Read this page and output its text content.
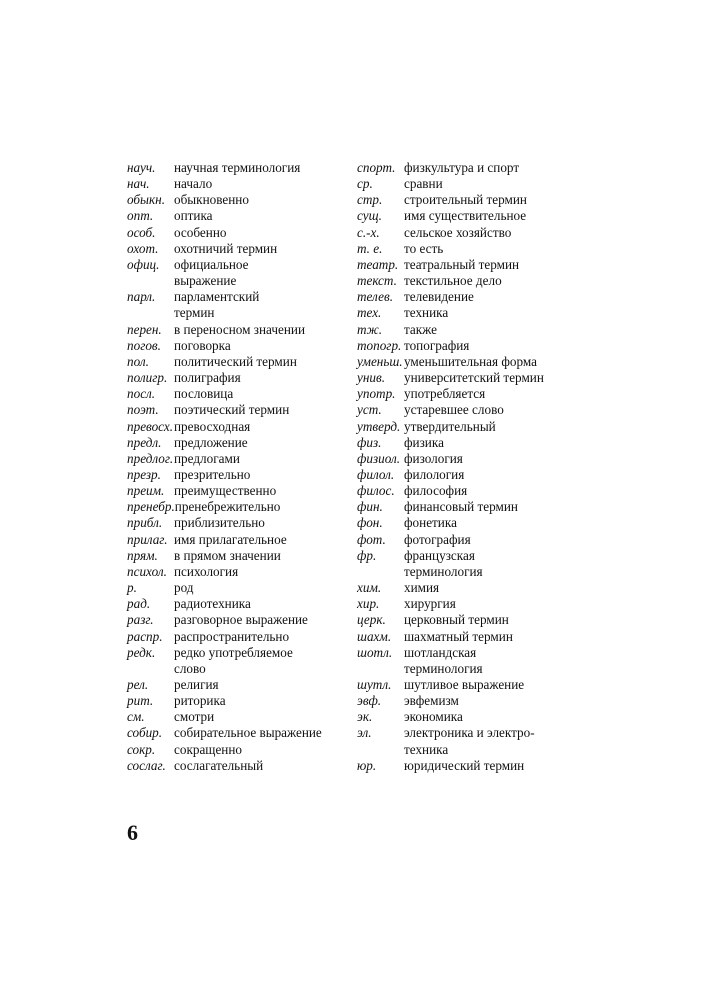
науч.	научная терминология
нач.	начало
обыкн. обыкновенно
опт.	оптика
особ.	особенно
охот.	охотничий термин
офиц.	официальное
выражение
парл.	парламентский
термин
перен. в переносном значении
погов. поговорка
пол.	политический термин
полигр. полиграфия
посл.	пословица
поэт.	поэтический термин
превосх. превосходная
предл. предложение
предлог. предлогами
презр. презрительно
преим. преимущественно
пренебр. пренебрежительно
прибл. приблизительно
прилаг. имя прилагательное
прям.	в прямом значении
психол. психология
р.	род
рад.	радиотехника
разг.	разговорное выражение
распр. распространительно
редк.	редко употребляемое
слово
рел.	религия
рит.	риторика
см.	смотри
собир. собирательное выражение
сокр.	сокращенно
сослаг. сослагательный
спорт. физкультура и спорт
ср.	сравни
стр.	строительный термин
сущ.	имя существительное
с.-х.	сельское хозяйство
т. е.	то есть
театр. театральный термин
текст. текстильное дело
телев. телевидение
тех.	техника
тж.	также
топогр. топография
уменьш. уменьшительная форма
унив.	университетский термин
употр. употребляется
уст.	устаревшее слово
утверд. утвердительный
физ.	физика
физиол. физология
филол. филология
филос. философия
фин.	финансовый термин
фон.	фонетика
фот.	фотография
фр.	французская
терминология
хим.	химия
хир.	хирургия
церк.	церковный термин
шахм. шахматный термин
шотл. шотландская
терминология
шутл. шутливое выражение
эвф.	эвфемизм
эк.	экономика
эл.	электроника и электро-
техника
юр.	юридический термин

6
